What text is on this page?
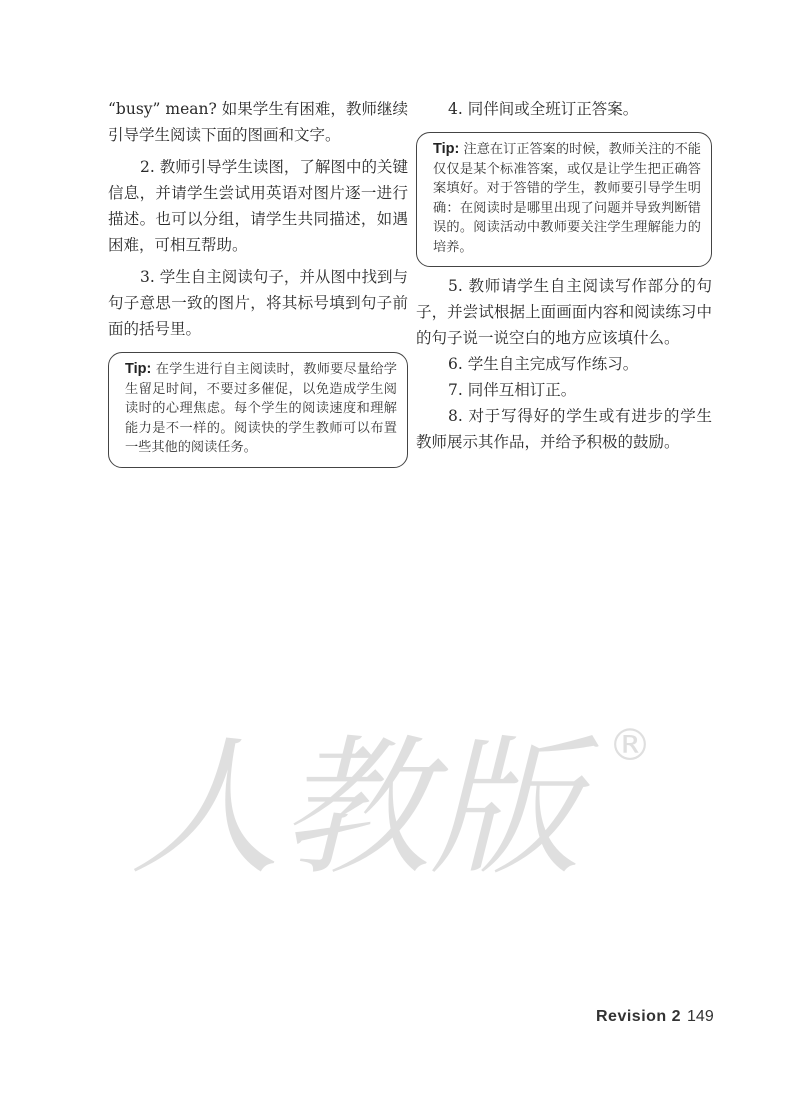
“busy” mean? 如果学生有困难，教师继续引导学生阅读下面的图画和文字。

2. 教师引导学生读图，了解图中的关键信息，并请学生尝试用英语对图片逐一进行描述。也可以分组，请学生共同描述，如遇困难，可相互帮助。

3. 学生自主阅读句子，并从图中找到与句子意思一致的图片，将其标号填到句子前面的括号里。

Tip: 在学生进行自主阅读时，教师要尽量给学生留足时间，不要过多催促，以免造成学生阅读时的心理焦虑。每个学生的阅读速度和理解能力是不一样的。阅读快的学生教师可以布置一些其他的阅读任务。

4. 同伴间或全班订正答案。

Tip: 注意在订正答案的时候，教师关注的不能仅仅是某个标准答案，或仅是让学生把正确答案填好。对于答错的学生，教师要引导学生明确：在阅读时是哪里出现了问题并导致判断错误的。阅读活动中教师要关注学生理解能力的培养。

5. 教师请学生自主阅读写作部分的句子，并尝试根据上面画面内容和阅读练习中的句子说一说空白的地方应该填什么。

6. 学生自主完成写作练习。

7. 同伴互相订正。

8. 对于写得好的学生或有进步的学生教师展示其作品，并给予积极的鼓励。

人教版 ®
Revision 2 149
